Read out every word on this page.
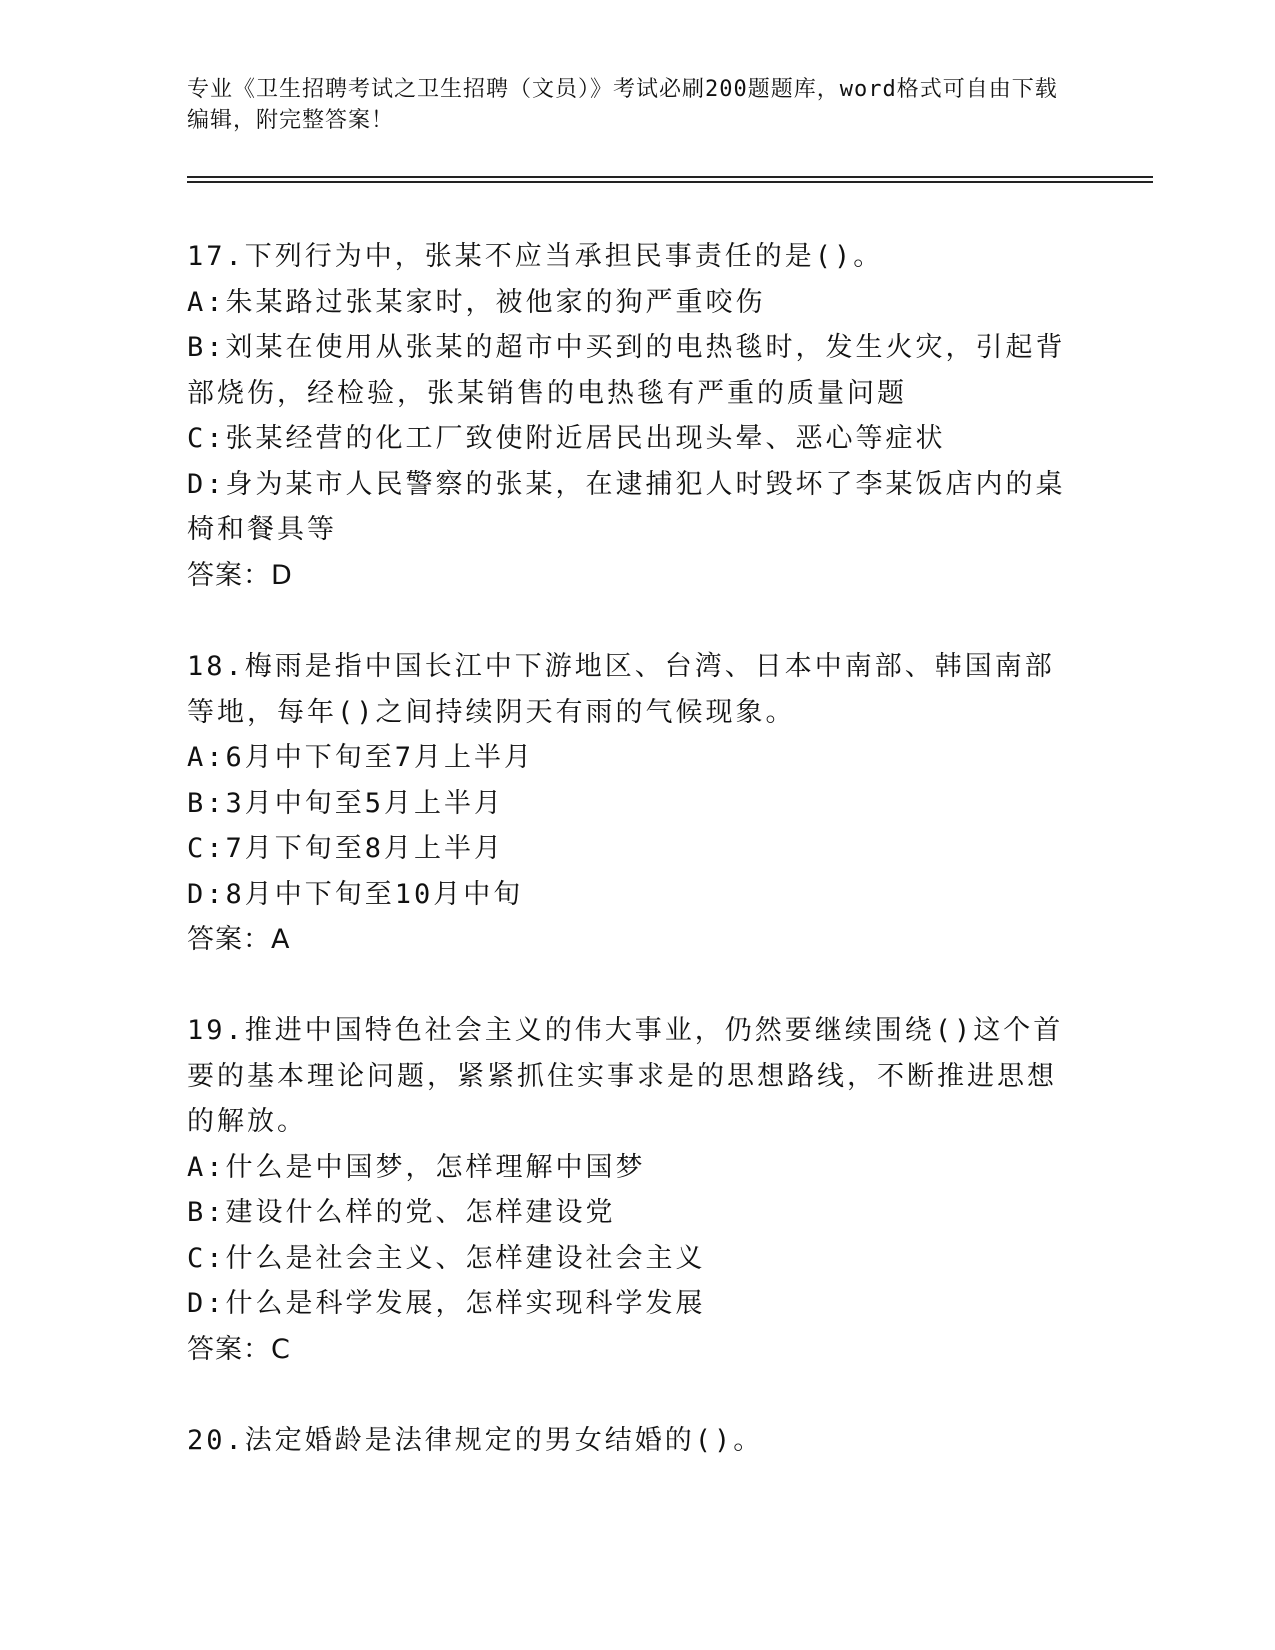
专业《卫生招聘考试之卫生招聘（文员）》考试必刷200题题库，word格式可自由下载编辑，附完整答案！
17.下列行为中，张某不应当承担民事责任的是()。
A:朱某路过张某家时，被他家的狗严重咬伤
B:刘某在使用从张某的超市中买到的电热毯时，发生火灾，引起背部烧伤，经检验，张某销售的电热毯有严重的质量问题
C:张某经营的化工厂致使附近居民出现头晕、恶心等症状
D:身为某市人民警察的张某，在逮捕犯人时毁坏了李某饭店内的桌椅和餐具等
答案：D
18.梅雨是指中国长江中下游地区、台湾、日本中南部、韩国南部等地，每年()之间持续阴天有雨的气候现象。
A:6月中下旬至7月上半月
B:3月中旬至5月上半月
C:7月下旬至8月上半月
D:8月中下旬至10月中旬
答案：A
19.推进中国特色社会主义的伟大事业，仍然要继续围绕()这个首要的基本理论问题，紧紧抓住实事求是的思想路线，不断推进思想的解放。
A:什么是中国梦，怎样理解中国梦
B:建设什么样的党、怎样建设党
C:什么是社会主义、怎样建设社会主义
D:什么是科学发展，怎样实现科学发展
答案：C
20.法定婚龄是法律规定的男女结婚的()。
